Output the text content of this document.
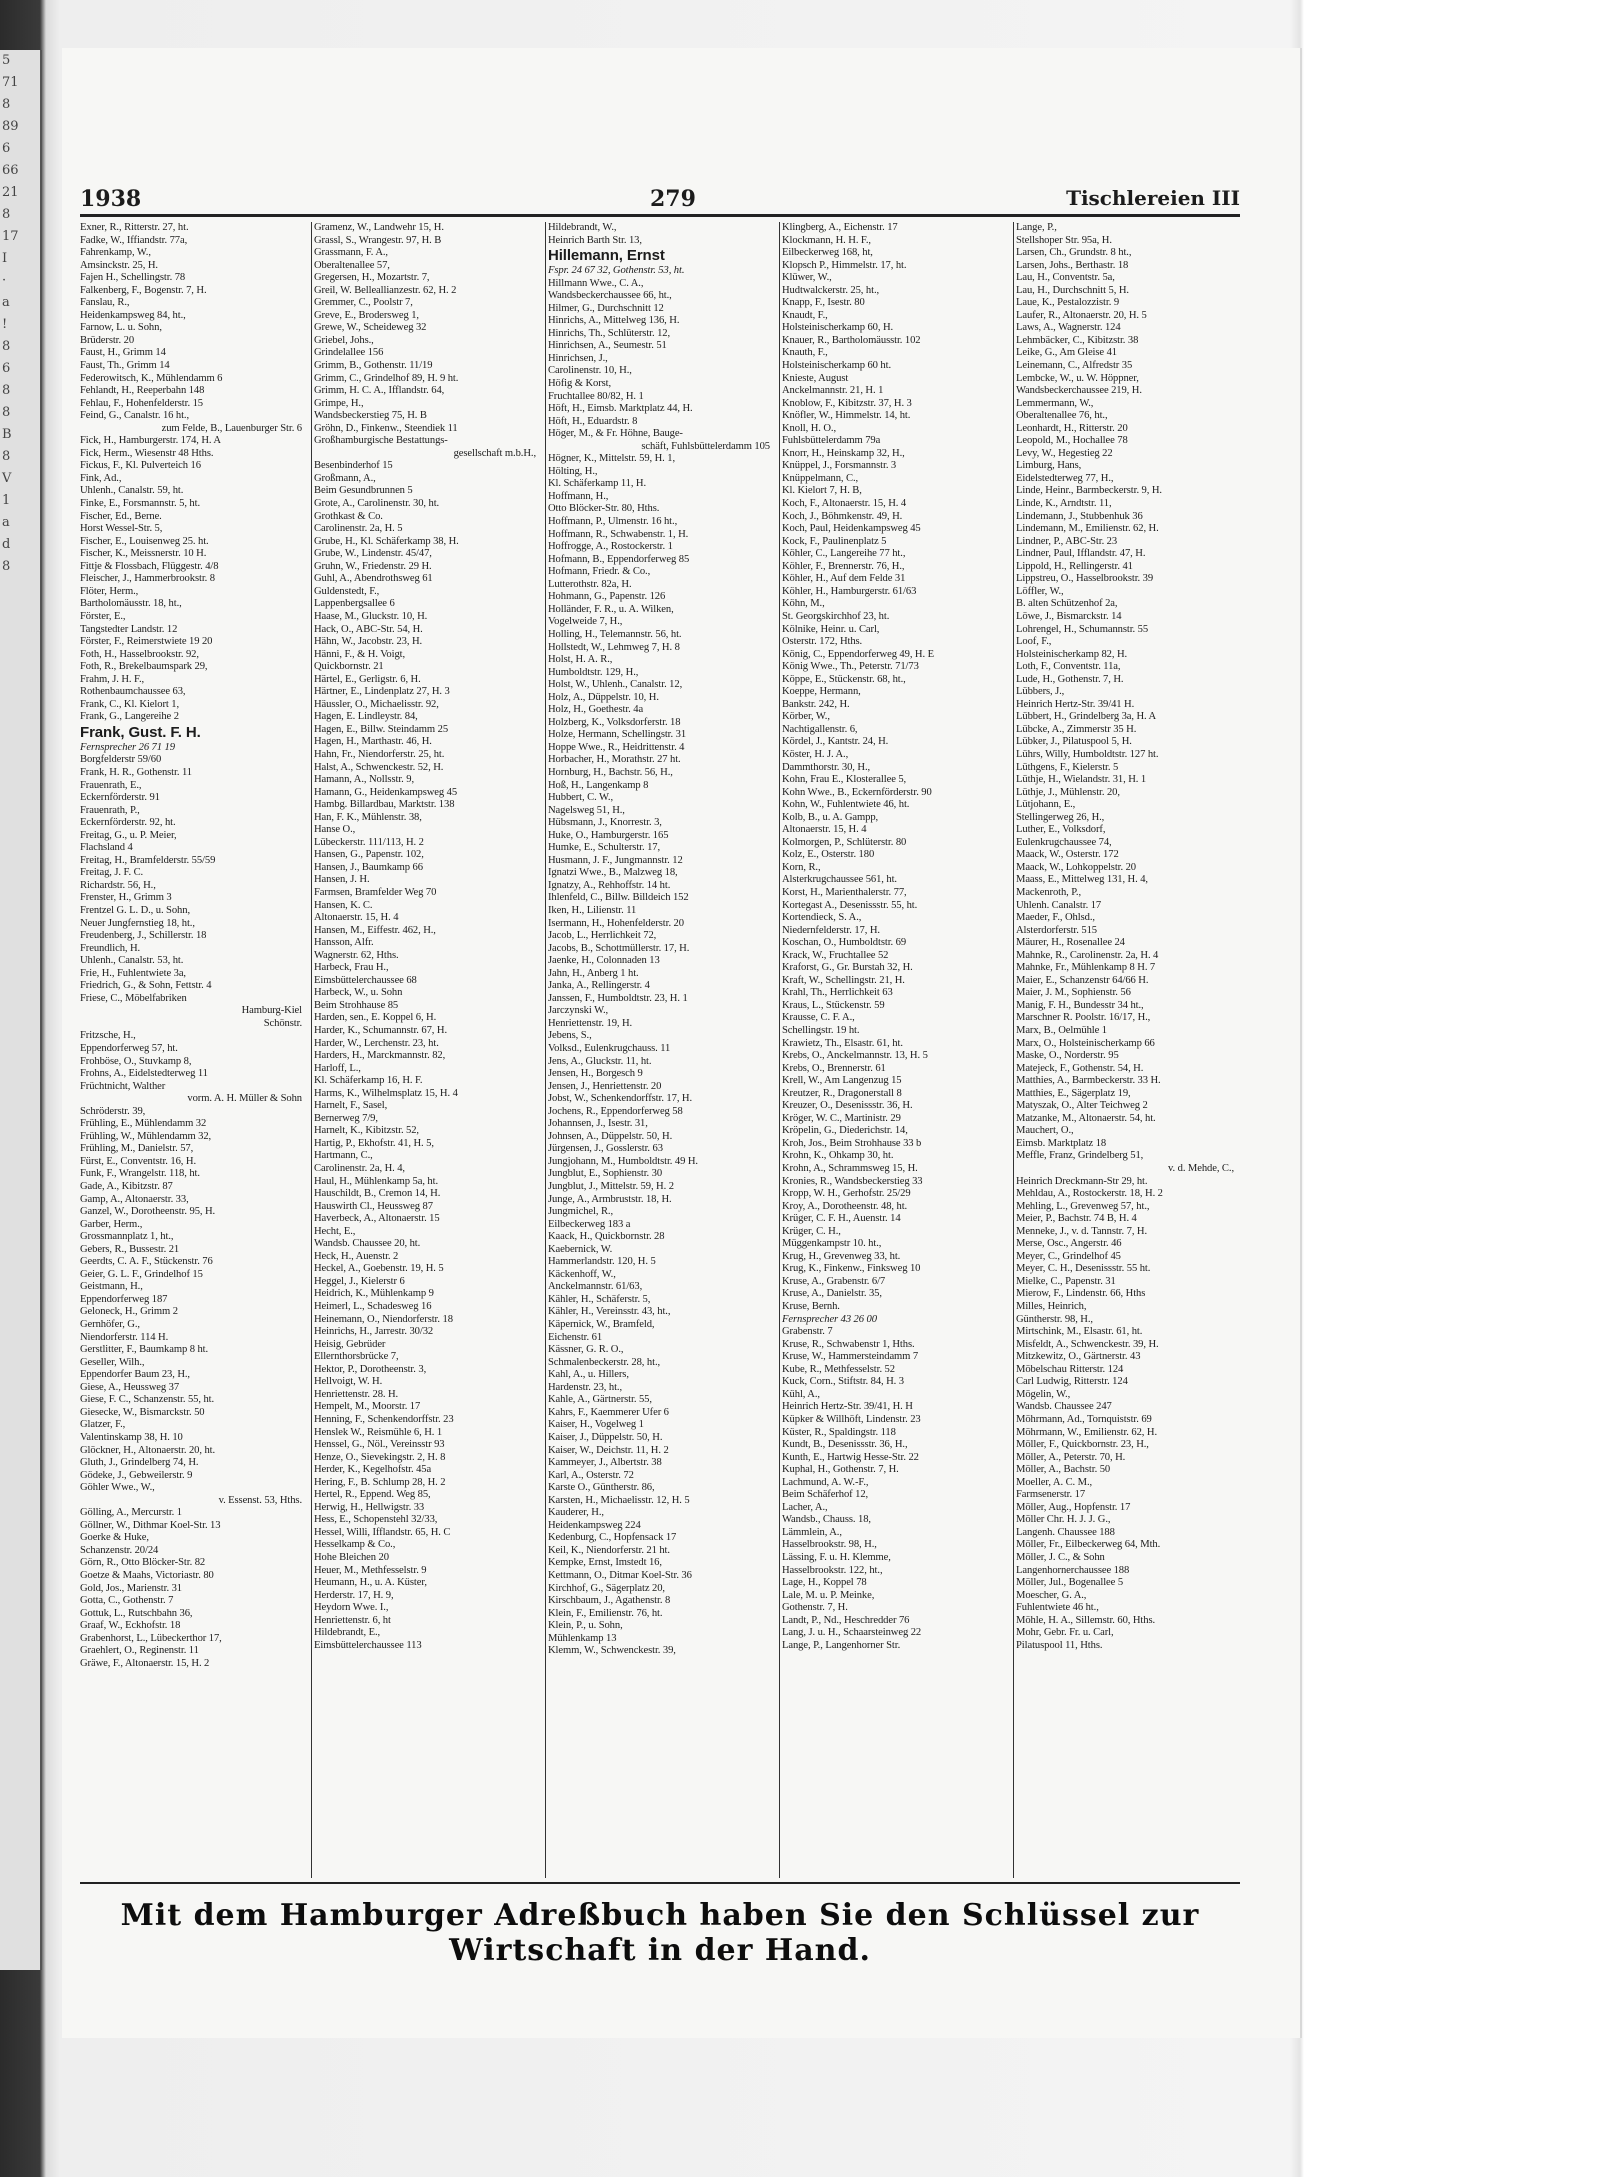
5
71
8
89
6
66
21
8
17
I
·
a
!
8
6
8
8
B
8
V
1
a
d
8
1938	279	Tischlereien III
Exner, R., Ritterstr. 27, ht.
Fadke, W., Iffiandstr. 77a,
Fahrenkamp, W.,
Amsinckstr. 25, H.
Fajen H., Schellingstr. 78
Falkenberg, F., Bogenstr. 7, H.
Fanslau, R.,
Heidenkampsweg 84, ht.,
Farnow, L. u. Sohn,
Brüderstr. 20
Faust, H., Grimm 14
Faust, Th., Grimm 14
Federowitsch, K., Mühlendamm 6
Fehlandt, H., Reeperbahn 148
Fehlau, F., Hohenfelderstr. 15
Feind, G., Canalstr. 16 ht.,
zum Felde, B., Lauenburger Str. 6
Fick, H., Hamburgerstr. 174, H. A
Fick, Herm., Wiesenstr 48 Hths.
Fickus, F., Kl. Pulverteich 16
Fink, Ad.,
Uhlenh., Canalstr. 59, ht.
Finke, E., Forsmannstr. 5, ht.
Fischer, Ed., Berne.
Horst Wessel-Str. 5,
Fischer, E., Louisenweg 25. ht.
Fischer, K., Meissnerstr. 10 H.
Fittje & Flossbach, Flüggestr. 4/8
Fleischer, J., Hammerbrookstr. 8
Flöter, Herm.,
Bartholomäusstr. 18, ht.,
Förster, E.,
Tangstedter Landstr. 12
Förster, F., Reimerstwiete 19 20
Foth, H., Hasselbrookstr. 92,
Foth, R., Brekelbaumspark 29,
Frahm, J. H. F.,
Rothenbaumchaussee 63,
Frank, C., Kl. Kielort 1,
Frank, G., Langereihe 2
Frank, Gust. F. H.
Fernsprecher 26 71 19
Borgfelderstr 59/60
Frank, H. R., Gothenstr. 11
Frauenrath, E.,
Eckernförderstr. 91
Frauenrath, P.,
Eckernförderstr. 92, ht.
Freitag, G., u. P. Meier,
Flachsland 4
Freitag, H., Bramfelderstr. 55/59
Freitag, J. F. C.
Richardstr. 56, H.,
Frenster, H., Grimm 3
Frentzel G. L. D., u. Sohn,
Neuer Jungfernstieg 18, ht.,
Freudenberg, J., Schillerstr. 18
Freundlich, H.
Uhlenh., Canalstr. 53, ht.
Frie, H., Fuhlentwiete 3a,
Friedrich, G., & Sohn, Fettstr. 4
Friese, C., Möbelfabriken
Hamburg-Kiel
Schönstr.
Fritzsche, H.,
Eppendorferweg 57, ht.
Frohböse, O., Stuvkamp 8,
Frohns, A., Eidelstedterweg 11
Früchtnicht, Walther
vorm. A. H. Müller & Sohn
Schröderstr. 39,
Frühling, E., Mühlendamm 32
Frühling, W., Mühlendamm 32,
Frühling, M., Danielstr. 57,
Fürst, E., Conventstr. 16, H.
Funk, F., Wrangelstr. 118, ht.
Gade, A., Kibitzstr. 87
Gamp, A., Altonaerstr. 33,
Ganzel, W., Dorotheenstr. 95, H.
Garber, Herm.,
Grossmannplatz 1, ht.,
Gebers, R., Bussestr. 21
Geerdts, C. A. F., Stückenstr. 76
Geier, G. L. F., Grindelhof 15
Geistmann, H.,
Eppendorferweg 187
Geloneck, H., Grimm 2
Gernhöfer, G.,
Niendorferstr. 114 H.
Gerstlitter, F., Baumkamp 8 ht.
Geseller, Wilh.,
Eppendorfer Baum 23, H.,
Giese, A., Heussweg 37
Giese, F. C., Schanzenstr. 55, ht.
Giesecke, W., Bismarckstr. 50
Glatzer, F.,
Valentinskamp 38, H. 10
Glöckner, H., Altonaerstr. 20, ht.
Gluth, J., Grindelberg 74, H.
Gödeke, J., Gebweilerstr. 9
Göhler Wwe., W.,
v. Essenst. 53, Hths.
Gölling, A., Mercurstr. 1
Göllner, W., Dithmar Koel-Str. 13
Goerke & Huke,
Schanzenstr. 20/24
Görn, R., Otto Blöcker-Str. 82
Goetze & Maahs, Victoriastr. 80
Gold, Jos., Marienstr. 31
Gotta, C., Gothenstr. 7
Gottuk, L., Rutschbahn 36,
Graaf, W., Eckhofstr. 18
Grabenhorst, L., Lübeckerthor 17,
Graehlert, O., Reginenstr. 11
Gräwe, F., Altonaerstr. 15, H. 2
Gramenz, W., Landwehr 15, H.
Grassl, S., Wrangestr. 97, H. B
Grassmann, F. A.,
Oberaltenallee 57,
Gregersen, H., Mozartstr. 7,
Greil, W. Belleallianzestr. 62, H. 2
Gremmer, C., Poolstr 7,
Greve, E., Brodersweg 1,
Grewe, W., Scheideweg 32
Griebel, Johs.,
Grindelallee 156
Grimm, B., Gothenstr. 11/19
Grimm, C., Grindelhof 89, H. 9 ht.
Grimm, H. C. A., Ifflandstr. 64,
Grimpe, H.,
Wandsbeckerstieg 75, H. B
Gröhn, D., Finkenw., Steendiek 11
Großhamburgische Bestattungs-
gesellschaft m.b.H.,
Besenbinderhof 15
Großmann, A.,
Beim Gesundbrunnen 5
Grote, A., Carolinenstr. 30, ht.
Grothkast & Co.
Carolinenstr. 2a, H. 5
Grube, H., Kl. Schäferkamp 38, H.
Grube, W., Lindenstr. 45/47,
Gruhn, W., Friedenstr. 29 H.
Guhl, A., Abendrothsweg 61
Guldenstedt, F.,
Lappenbergsallee 6
Haase, M., Gluckstr. 10, H.
Hack, O., ABC-Str. 54, H.
Hähn, W., Jacobstr. 23, H.
Hänni, F., & H. Voigt,
Quickbornstr. 21
Härtel, E., Gerligstr. 6, H.
Härtner, E., Lindenplatz 27, H. 3
Häussler, O., Michaelisstr. 92,
Hagen, E. Lindleystr. 84,
Hagen, E., Billw. Steindamm 25
Hagen, H., Marthastr. 46, H.
Hahn, Fr., Niendorferstr. 25, ht.
Halst, A., Schwenckestr. 52, H.
Hamann, A., Nollsstr. 9,
Hamann, G., Heidenkampsweg 45
Hambg. Billardbau, Marktstr. 138
Han, F. K., Mühlenstr. 38,
Hanse O.,
Lübeckerstr. 111/113, H. 2
Hansen, G., Papenstr. 102,
Hansen, J., Baumkamp 66
Hansen, J. H.
Farmsen, Bramfelder Weg 70
Hansen, K. C.
Altonaerstr. 15, H. 4
Hansen, M., Eiffestr. 462, H.,
Hansson, Alfr.
Wagnerstr. 62, Hths.
Harbeck, Frau H.,
Eimsbüttelerchaussee 68
Harbeck, W., u. Sohn
Beim Strohhause 85
Harden, sen., E. Koppel 6, H.
Harder, K., Schumannstr. 67, H.
Harder, W., Lerchenstr. 23, ht.
Harders, H., Marckmannstr. 82,
Harloff, L.,
Kl. Schäferkamp 16, H. F.
Harms, K., Wilhelmsplatz 15, H. 4
Harnelt, F., Sasel,
Bernerweg 7/9,
Harnelt, K., Kibitzstr. 52,
Hartig, P., Ekhofstr. 41, H. 5,
Hartmann, C.,
Carolinenstr. 2a, H. 4,
Haul, H., Mühlenkamp 5a, ht.
Hauschildt, B., Cremon 14, H.
Hauswirth Cl., Heussweg 87
Haverbeck, A., Altonaerstr. 15
Hecht, E.,
Wandsb. Chaussee 20, ht.
Heck, H., Auenstr. 2
Heckel, A., Goebenstr. 19, H. 5
Heggel, J., Kielerstr 6
Heidrich, K., Mühlenkamp 9
Heimerl, L., Schadesweg 16
Heinemann, O., Niendorferstr. 18
Heinrichs, H., Jarrestr. 30/32
Heisig, Gebrüder
Ellernthorsbrücke 7,
Hektor, P., Dorotheenstr. 3,
Hellvoigt, W. H.
Henriettenstr. 28. H.
Hempelt, M., Moorstr. 17
Henning, F., Schenkendorffstr. 23
Henslek W., Reismühle 6, H. 1
Henssel, G., Nöl., Vereinsstr 93
Henze, O., Sievekingstr. 2, H. 8
Herder, K., Kegelhofstr. 45a
Hering, F., B. Schlump 28, H. 2
Hertel, R., Eppend. Weg 85,
Herwig, H., Hellwigstr. 33
Hess, E., Schopenstehl 32/33,
Hessel, Willi, Ifflandstr. 65, H. C
Hesselkamp & Co.,
Hohe Bleichen 20
Heuer, M., Methfesselstr. 9
Heumann, H., u. A. Küster,
Herderstr. 17, H. 9,
Heydorn Wwe. I.,
Henriettenstr. 6, ht
Hildebrandt, E.,
Eimsbüttelerchaussee 113
Hildebrandt, W.,
Heinrich Barth Str. 13,
Hillemann, Ernst
Fspr. 24 67 32, Gothenstr. 53, ht.
Hillmann Wwe., C. A.,
Wandsbeckerchaussee 66, ht.,
Hilmer, G., Durchschnitt 12
Hinrichs, A., Mittelweg 136, H.
Hinrichs, Th., Schlüterstr. 12,
Hinrichsen, A., Seumestr. 51
Hinrichsen, J.,
Carolinenstr. 10, H.,
Höfig & Korst,
Fruchtallee 80/82, H. 1
Höft, H., Eimsb. Marktplatz 44, H.
Höft, H., Eduardstr. 8
Höger, M., & Fr. Höhne, Bauge-
schäft, Fuhlsbüttelerdamm 105
Högner, K., Mittelstr. 59, H. 1,
Hölting, H.,
Kl. Schäferkamp 11, H.
Hoffmann, H.,
Otto Blöcker-Str. 80, Hths.
Hoffmann, P., Ulmenstr. 16 ht.,
Hoffmann, R., Schwabenstr. 1, H.
Hoffrogge, A., Rostockerstr. 1
Hofmann, B., Eppendorferweg 85
Hofmann, Friedr. & Co.,
Lutterothstr. 82a, H.
Hohmann, G., Papenstr. 126
Holländer, F. R., u. A. Wilken,
Vogelweide 7, H.,
Holling, H., Telemannstr. 56, ht.
Hollstedt, W., Lehmweg 7, H. 8
Holst, H. A. R.,
Humboldtstr. 129, H.,
Holst, W., Uhlenh., Canalstr. 12,
Holz, A., Düppelstr. 10, H.
Holz, H., Goethestr. 4a
Holzberg, K., Volksdorferstr. 18
Holze, Hermann, Schellingstr. 31
Hoppe Wwe., R., Heidrittenstr. 4
Horbacher, H., Morathstr. 27 ht.
Hornburg, H., Bachstr. 56, H.,
Hoß, H., Langenkamp 8
Hubbert, C. W.,
Nagelsweg 51, H.,
Hübsmann, J., Knorrestr. 3,
Huke, O., Hamburgerstr. 165
Humke, E., Schulterstr. 17,
Husmann, J. F., Jungmannstr. 12
Ignatzi Wwe., B., Malzweg 18,
Ignatzy, A., Rehhoffstr. 14 ht.
Ihlenfeld, C., Billw. Billdeich 152
Iken, H., Lilienstr. 11
Isermann, H., Hohenfelderstr. 20
Jacob, L., Herrlichkeit 72,
Jacobs, B., Schottmüllerstr. 17, H.
Jaenke, H., Colonnaden 13
Jahn, H., Anberg 1 ht.
Janka, A., Rellingerstr. 4
Janssen, F., Humboldtstr. 23, H. 1
Jarczynski W.,
Henriettenstr. 19, H.
Jebens, S.,
Volksd., Eulenkrugchauss. 11
Jens, A., Gluckstr. 11, ht.
Jensen, H., Borgesch 9
Jensen, J., Henriettenstr. 20
Jobst, W., Schenkendorffstr. 17, H.
Jochens, R., Eppendorferweg 58
Johannsen, J., Isestr. 31,
Johnsen, A., Düppelstr. 50, H.
Jürgensen, J., Gosslerstr. 63
Jungjohann, M., Humboldtstr. 49 H.
Jungblut, E., Sophienstr. 30
Jungblut, J., Mittelstr. 59, H. 2
Junge, A., Armbruststr. 18, H.
Jungmichel, R.,
Eilbeckerweg 183 a
Kaack, H., Quickbornstr. 28
Kaebernick, W.
Hammerlandstr. 120, H. 5
Käckenhoff, W.,
Anckelmannstr. 61/63,
Kähler, H., Schäferstr. 5,
Kähler, H., Vereinsstr. 43, ht.,
Käpernick, W., Bramfeld,
Eichenstr. 61
Kässner, G. R. O.,
Schmalenbeckerstr. 28, ht.,
Kahl, A., u. Hillers,
Hardenstr. 23, ht.,
Kahle, A., Gärtnerstr. 55,
Kahrs, F., Kaemmerer Ufer 6
Kaiser, H., Vogelweg 1
Kaiser, J., Düppelstr. 50, H.
Kaiser, W., Deichstr. 11, H. 2
Kammeyer, J., Albertstr. 38
Karl, A., Osterstr. 72
Karste O., Güntherstr. 86,
Karsten, H., Michaelisstr. 12, H. 5
Kauderer, H.,
Heidenkampsweg 224
Kedenburg, C., Hopfensack 17
Keil, K., Niendorferstr. 21 ht.
Kempke, Ernst, Imstedt 16,
Kettmann, O., Ditmar Koel-Str. 36
Kirchhof, G., Sägerplatz 20,
Kirschbaum, J., Agathenstr. 8
Klein, F., Emilienstr. 76, ht.
Klein, P., u. Sohn,
Mühlenkamp 13
Klemm, W., Schwenckestr. 39,
Klingberg, A., Eichenstr. 17
Klockmann, H. H. F.,
Eilbeckerweg 168, ht,
Klopsch P., Himmelstr. 17, ht.
Klüwer, W.,
Hudtwalckerstr. 25, ht.,
Knapp, F., Isestr. 80
Knaudt, F.,
Holsteinischerkamp 60, H.
Knauer, R., Bartholomäusstr. 102
Knauth, F.,
Holsteinischerkamp 60 ht.
Knieste, August
Anckelmannstr. 21, H. 1
Knoblow, F., Kibitzstr. 37, H. 3
Knöfler, W., Himmelstr. 14, ht.
Knoll, H. O.,
Fuhlsbüttelerdamm 79a
Knorr, H., Heinskamp 32, H.,
Knüppel, J., Forsmannstr. 3
Knüppelmann, C.,
Kl. Kielort 7, H. B,
Koch, F., Altonaerstr. 15, H. 4
Koch, J., Böhmkenstr. 49, H.
Koch, Paul, Heidenkampsweg 45
Kock, F., Paulinenplatz 5
Köhler, C., Langereihe 77 ht.,
Köhler, F., Brennerstr. 76, H.,
Köhler, H., Auf dem Felde 31
Köhler, H., Hamburgerstr. 61/63
Köhn, M.,
St. Georgskirchhof 23, ht.
Kölnike, Heinr. u. Carl,
Osterstr. 172, Hths.
König, C., Eppendorferweg 49, H. E
König Wwe., Th., Peterstr. 71/73
Köppe, E., Stückenstr. 68, ht.,
Koeppe, Hermann,
Bankstr. 242, H.
Körber, W.,
Nachtigallenstr. 6,
Kördel, J., Kantstr. 24, H.
Köster, H. J. A.,
Dammthorstr. 30, H.,
Kohn, Frau E., Klosterallee 5,
Kohn Wwe., B., Eckernförderstr. 90
Kohn, W., Fuhlentwiete 46, ht.
Kolb, B., u. A. Gampp,
Altonaerstr. 15, H. 4
Kolmorgen, P., Schlüterstr. 80
Kolz, E., Osterstr. 180
Korn, R.,
Alsterkrugchaussee 561, ht.
Korst, H., Marienthalerstr. 77,
Kortegast A., Desenissstr. 55, ht.
Kortendieck, S. A.,
Niedernfelderstr. 17, H.
Koschan, O., Humboldtstr. 69
Krack, W., Fruchtallee 52
Kraforst, G., Gr. Burstah 32, H.
Kraft, W., Schellingstr. 21, H.
Krahl, Th., Herrlichkeit 63
Kraus, L., Stückenstr. 59
Krausse, C. F. A.,
Schellingstr. 19 ht.
Krawietz, Th., Elsastr. 61, ht.
Krebs, O., Anckelmannstr. 13, H. 5
Krebs, O., Brennerstr. 61
Krell, W., Am Langenzug 15
Kreutzer, R., Dragonerstall 8
Kreuzer, O., Desenissstr. 36, H.
Kröger, W. C., Martinistr. 29
Kröpelin, G., Diederichstr. 14,
Kroh, Jos., Beim Strohhause 33 b
Krohn, K., Ohkamp 30, ht.
Krohn, A., Schrammsweg 15, H.
Kronies, R., Wandsbeckerstieg 33
Kropp, W. H., Gerhofstr. 25/29
Kroy, A., Dorotheenstr. 48, ht.
Krüger, C. F. H., Auenstr. 14
Krüger, C. H.,
Müggenkampstr 10. ht.,
Krug, H., Grevenweg 33, ht.
Krug, K., Finkenw., Finksweg 10
Kruse, A., Grabenstr. 6/7
Kruse, A., Danielstr. 35,
Kruse, Bernh.
Fernsprecher 43 26 00
Grabenstr. 7
Kruse, R., Schwabenstr 1, Hths.
Kruse, W., Hammersteindamm 7
Kube, R., Methfesselstr. 52
Kuck, Corn., Stiftstr. 84, H. 3
Kühl, A.,
Heinrich Hertz-Str. 39/41, H. H
Küpker & Willhöft, Lindenstr. 23
Küster, R., Spaldingstr. 118
Kundt, B., Desenissstr. 36, H.,
Kunth, E., Hartwig Hesse-Str. 22
Kuphal, H., Gothenstr. 7, H.
Lachmund, A. W.-F.,
Beim Schäferhof 12,
Lacher, A.,
Wandsb., Chauss. 18,
Lämmlein, A.,
Hasselbrookstr. 98, H.,
Lässing, F. u. H. Klemme,
Hasselbrookstr. 122, ht.,
Lage, H., Koppel 78
Lale, M. u. P. Meinke,
Gothenstr. 7, H.
Landt, P., Nd., Heschredder 76
Lang, J. u. H., Schaarsteinweg 22
Lange, P., Langenhorner Str.
Lange, P.,
Stellshoper Str. 95a, H.
Larsen, Ch., Grundstr. 8 ht.,
Larsen, Johs., Berthastr. 18
Lau, H., Conventstr. 5a,
Lau, H., Durchschnitt 5, H.
Laue, K., Pestalozzistr. 9
Laufer, R., Altonaerstr. 20, H. 5
Laws, A., Wagnerstr. 124
Lehmbäcker, C., Kibitzstr. 38
Leike, G., Am Gleise 41
Leinemann, C., Alfredstr 35
Lembcke, W., u. W. Höppner,
Wandsbeckerchaussee 219, H.
Lemmermann, W.,
Oberaltenallee 76, ht.,
Leonhardt, H., Ritterstr. 20
Leopold, M., Hochallee 78
Levy, W., Hegestieg 22
Limburg, Hans,
Eidelstedterweg 77, H.,
Linde, Heinr., Barmbeckerstr. 9, H.
Linde, K., Arndtstr. 11,
Lindemann, J., Stubbenhuk 36
Lindemann, M., Emilienstr. 62, H.
Lindner, P., ABC-Str. 23
Lindner, Paul, Ifflandstr. 47, H.
Lippold, H., Rellingerstr. 41
Lippstreu, O., Hasselbrookstr. 39
Löffler, W.,
B. alten Schützenhof 2a,
Löwe, J., Bismarckstr. 14
Lohrengel, H., Schumannstr. 55
Loof, F.,
Holsteinischerkamp 82, H.
Loth, F., Conventstr. 11a,
Lude, H., Gothenstr. 7, H.
Lübbers, J.,
Heinrich Hertz-Str. 39/41 H.
Lübbert, H., Grindelberg 3a, H. A
Lübcke, A., Zimmerstr 35 H.
Lübker, J., Pilatuspool 5, H.
Lührs, Willy, Humboldtstr. 127 ht.
Lüthgens, F., Kielerstr. 5
Lüthje, H., Wielandstr. 31, H. 1
Lüthje, J., Mühlenstr. 20,
Lütjohann, E.,
Stellingerweg 26, H.,
Luther, E., Volksdorf,
Eulenkrugchaussee 74,
Maack, W., Osterstr. 172
Maack, W., Lohkoppelstr. 20
Maass, E., Mittelweg 131, H. 4,
Mackenroth, P.,
Uhlenh. Canalstr. 17
Maeder, F., Ohlsd.,
Alsterdorferstr. 515
Mäurer, H., Rosenallee 24
Mahnke, R., Carolinenstr. 2a, H. 4
Mahnke, Fr., Mühlenkamp 8 H. 7
Maier, E., Schanzenstr 64/66 H.
Maier, J. M., Sophienstr. 56
Manig, F. H., Bundesstr 34 ht.,
Marschner R. Poolstr. 16/17, H.,
Marx, B., Oelmühle 1
Marx, O., Holsteinischerkamp 66
Maske, O., Norderstr. 95
Matejeck, F., Gothenstr. 54, H.
Matthies, A., Barmbeckerstr. 33 H.
Matthies, E., Sägerplatz 19,
Matyszak, O., Alter Teichweg 2
Matzanke, M., Altonaerstr. 54, ht.
Mauchert, O.,
Eimsb. Marktplatz 18
Meffle, Franz, Grindelberg 51,
v. d. Mehde, C.,
Heinrich Dreckmann-Str 29, ht.
Mehldau, A., Rostockerstr. 18, H. 2
Mehling, L., Grevenweg 57, ht.,
Meier, P., Bachstr. 74 B, H. 4
Menneke, J., v. d. Tannstr. 7, H.
Merse, Osc., Angerstr. 46
Meyer, C., Grindelhof 45
Meyer, C. H., Desenissstr. 55 ht.
Mielke, C., Papenstr. 31
Mierow, F., Lindenstr. 66, Hths
Milles, Heinrich,
Güntherstr. 98, H.,
Mirtschink, M., Elsastr. 61, ht.
Misfeldt, A., Schwenckestr. 39, H.
Mitzkewitz, O., Gärtnerstr. 43
Möbelschau Ritterstr. 124
Carl Ludwig, Ritterstr. 124
Mögelin, W.,
Wandsb. Chaussee 247
Möhrmann, Ad., Tornquiststr. 69
Möhrmann, W., Emilienstr. 62, H.
Möller, F., Quickbornstr. 23, H.,
Möller, A., Peterstr. 70, H.
Möller, A., Bachstr. 50
Moeller, A. C. M.,
Farmsenerstr. 17
Möller, Aug., Hopfenstr. 17
Möller Chr. H. J. J. G.,
Langenh. Chaussee 188
Möller, Fr., Eilbeckerweg 64, Mth.
Möller, J. C., & Sohn
Langenhornerchaussee 188
Möller, Jul., Bogenallee 5
Moescher, G. A.,
Fuhlentwiete 46 ht.,
Möhle, H. A., Sillemstr. 60, Hths.
Mohr, Gebr. Fr. u. Carl,
Pilatuspool 11, Hths.
Mit dem Hamburger Adreßbuch haben Sie den Schlüssel zur Wirtschaft in der Hand.
